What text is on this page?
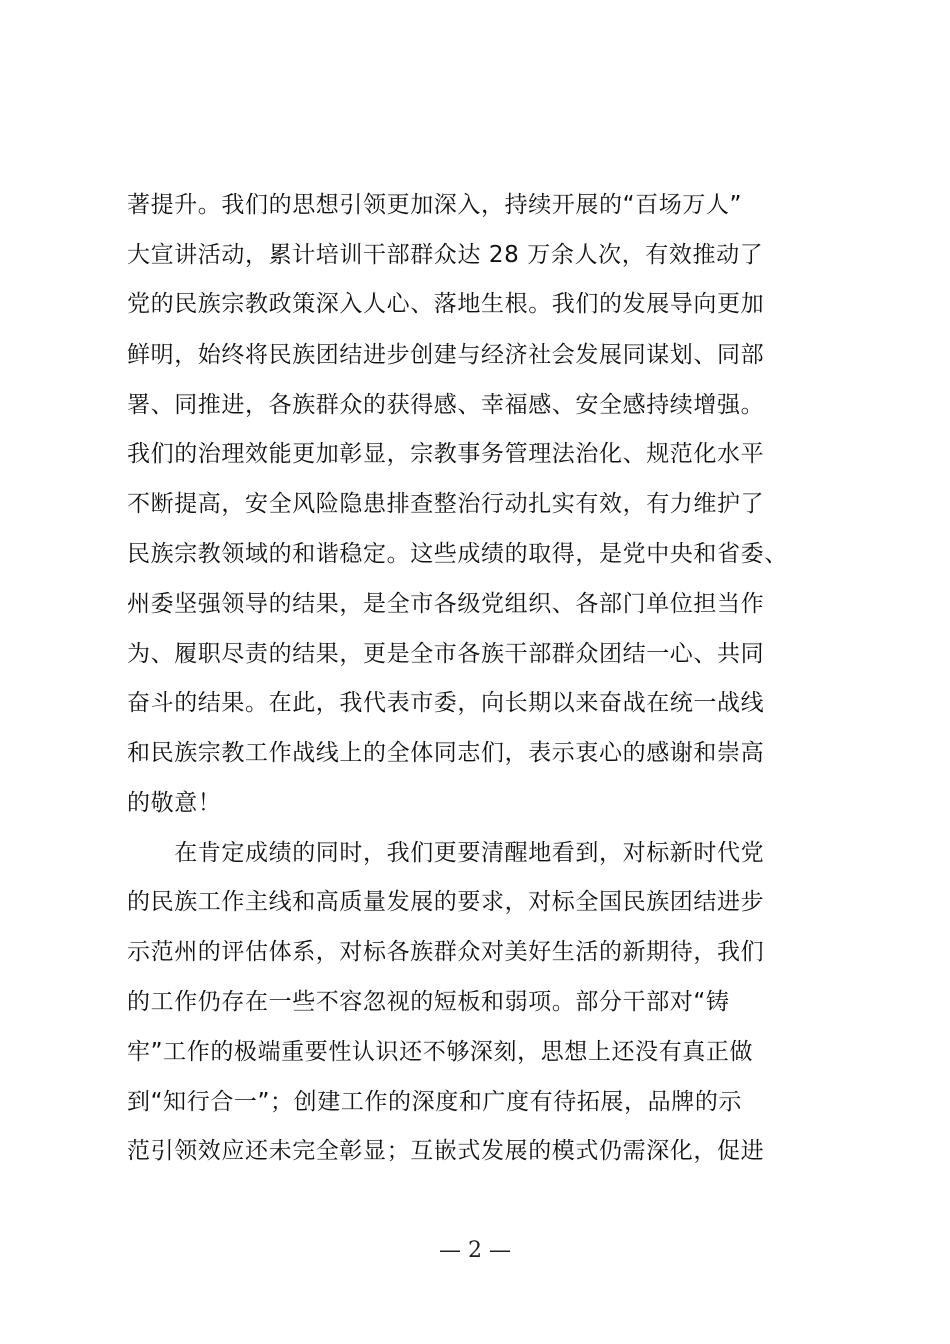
著提升。我们的思想引领更加深入，持续开展的“百场万人”
大宣讲活动，累计培训干部群众达 28 万余人次，有效推动了
党的民族宗教政策深入人心、落地生根。我们的发展导向更加
鲜明，始终将民族团结进步创建与经济社会发展同谋划、同部
署、同推进，各族群众的获得感、幸福感、安全感持续增强。
我们的治理效能更加彰显，宗教事务管理法治化、规范化水平
不断提高，安全风险隐患排查整治行动扎实有效，有力维护了
民族宗教领域的和谐稳定。这些成绩的取得，是党中央和省委、
州委坚强领导的结果，是全市各级党组织、各部门单位担当作
为、履职尽责的结果，更是全市各族干部群众团结一心、共同
奋斗的结果。在此，我代表市委，向长期以来奋战在统一战线
和民族宗教工作战线上的全体同志们，表示衷心的感谢和崇高
的敬意！
　　在肯定成绩的同时，我们更要清醒地看到，对标新时代党
的民族工作主线和高质量发展的要求，对标全国民族团结进步
示范州的评估体系，对标各族群众对美好生活的新期待，我们
的工作仍存在一些不容忽视的短板和弱项。部分干部对“铸
牢”工作的极端重要性认识还不够深刻，思想上还没有真正做
到“知行合一”；创建工作的深度和广度有待拓展，品牌的示
范引领效应还未完全彰显；互嵌式发展的模式仍需深化，促进
— 2 —
